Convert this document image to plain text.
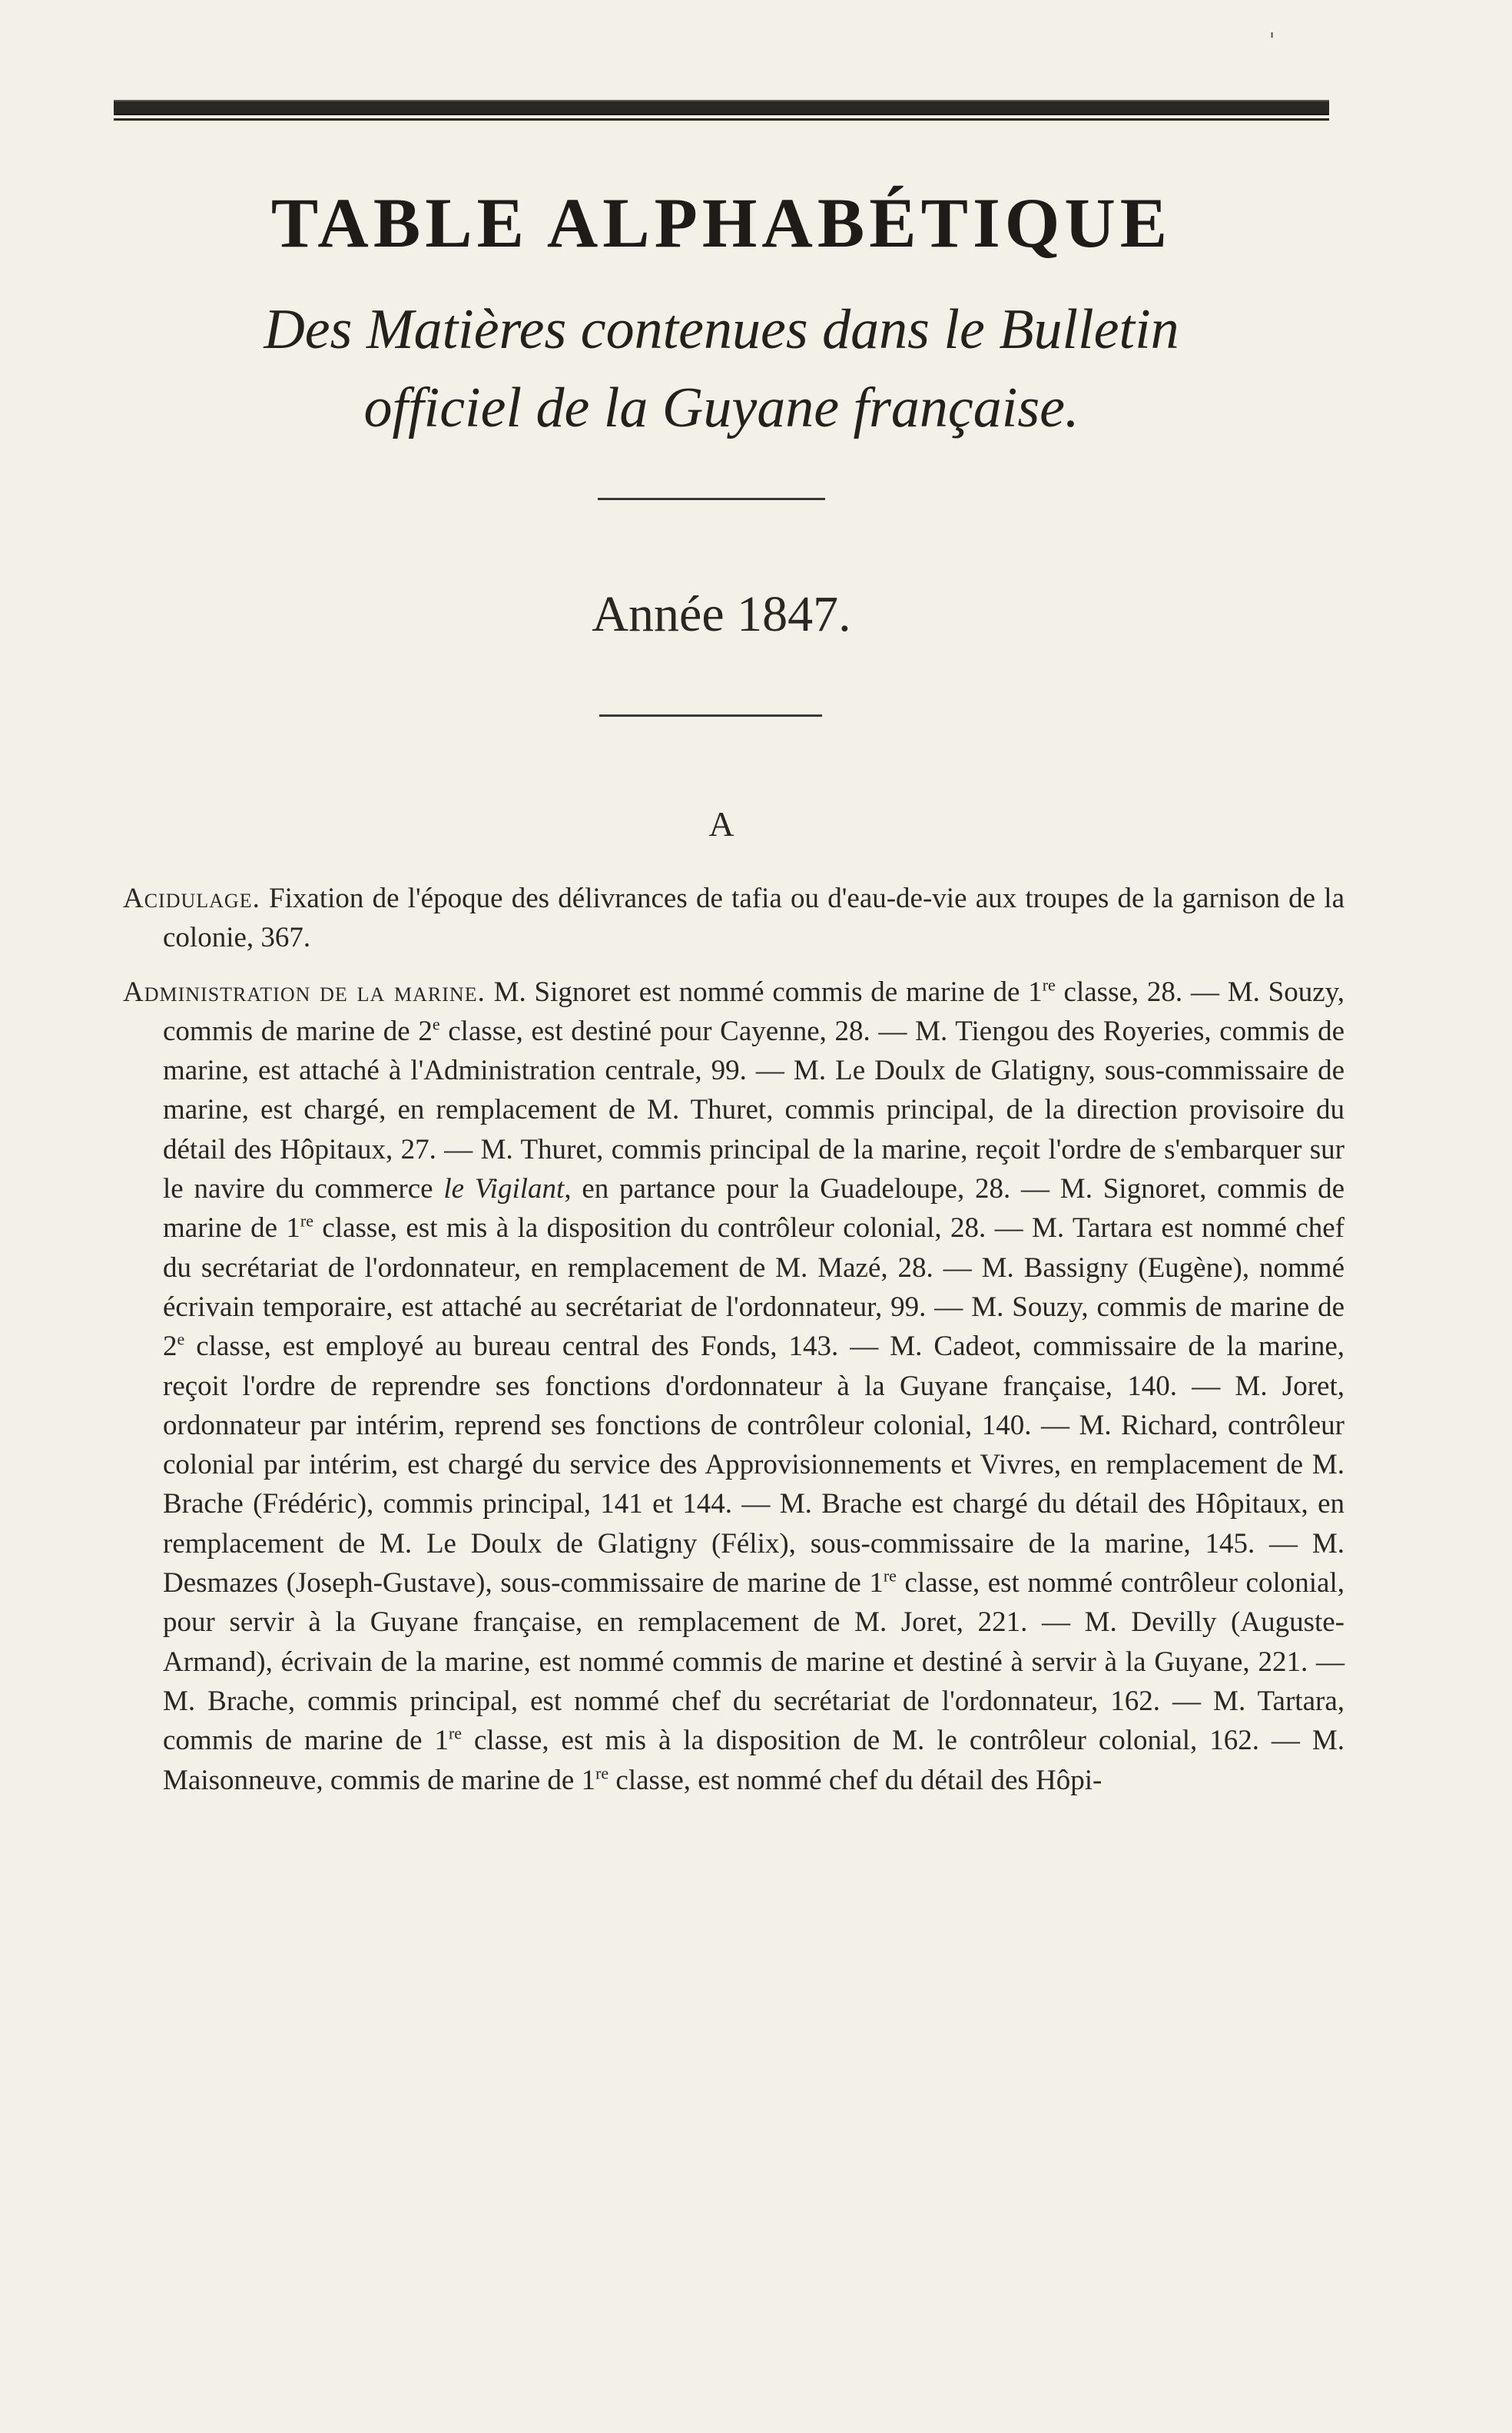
'
TABLE ALPHABÉTIQUE
Des Matières contenues dans le Bulletin
officiel de la Guyane française.
Année 1847.
A

Acidulage. Fixation de l'époque des délivrances de tafia ou d'eau-de-vie aux troupes de la garnison de la colonie, 367.

Administration de la marine. M. Signoret est nommé commis de marine de 1re classe, 28. — M. Souzy, commis de marine de 2e classe, est destiné pour Cayenne, 28. — M. Tiengou des Royeries, commis de marine, est attaché à l'Administration centrale, 99. — M. Le Doulx de Glatigny, sous-commissaire de marine, est chargé, en remplacement de M. Thuret, commis principal, de la direction provisoire du détail des Hôpitaux, 27. — M. Thuret, commis principal de la marine, reçoit l'ordre de s'embarquer sur le navire du commerce le Vigilant, en partance pour la Guadeloupe, 28. — M. Signoret, commis de marine de 1re classe, est mis à la disposition du contrôleur colonial, 28. — M. Tartara est nommé chef du secrétariat de l'ordonnateur, en remplacement de M. Mazé, 28. — M. Bassigny (Eugène), nommé écrivain temporaire, est attaché au secrétariat de l'ordonnateur, 99. — M. Souzy, commis de marine de 2e classe, est employé au bureau central des Fonds, 143. — M. Cadeot, commissaire de la marine, reçoit l'ordre de reprendre ses fonctions d'ordonnateur à la Guyane française, 140. — M. Joret, ordonnateur par intérim, reprend ses fonctions de contrôleur colonial, 140. — M. Richard, contrôleur colonial par intérim, est chargé du service des Approvisionnements et Vivres, en remplacement de M. Brache (Frédéric), commis principal, 141 et 144. — M. Brache est chargé du détail des Hôpitaux, en remplacement de M. Le Doulx de Glatigny (Félix), sous-commissaire de la marine, 145. — M. Desmazes (Joseph-Gustave), sous-commissaire de marine de 1re classe, est nommé contrôleur colonial, pour servir à la Guyane française, en remplacement de M. Joret, 221. — M. Devilly (Auguste-Armand), écrivain de la marine, est nommé commis de marine et destiné à servir à la Guyane, 221. — M. Brache, commis principal, est nommé chef du secrétariat de l'ordonnateur, 162. — M. Tartara, commis de marine de 1re classe, est mis à la disposition de M. le contrôleur colonial, 162. — M. Maisonneuve, commis de marine de 1re classe, est nommé chef du détail des Hôpi-
